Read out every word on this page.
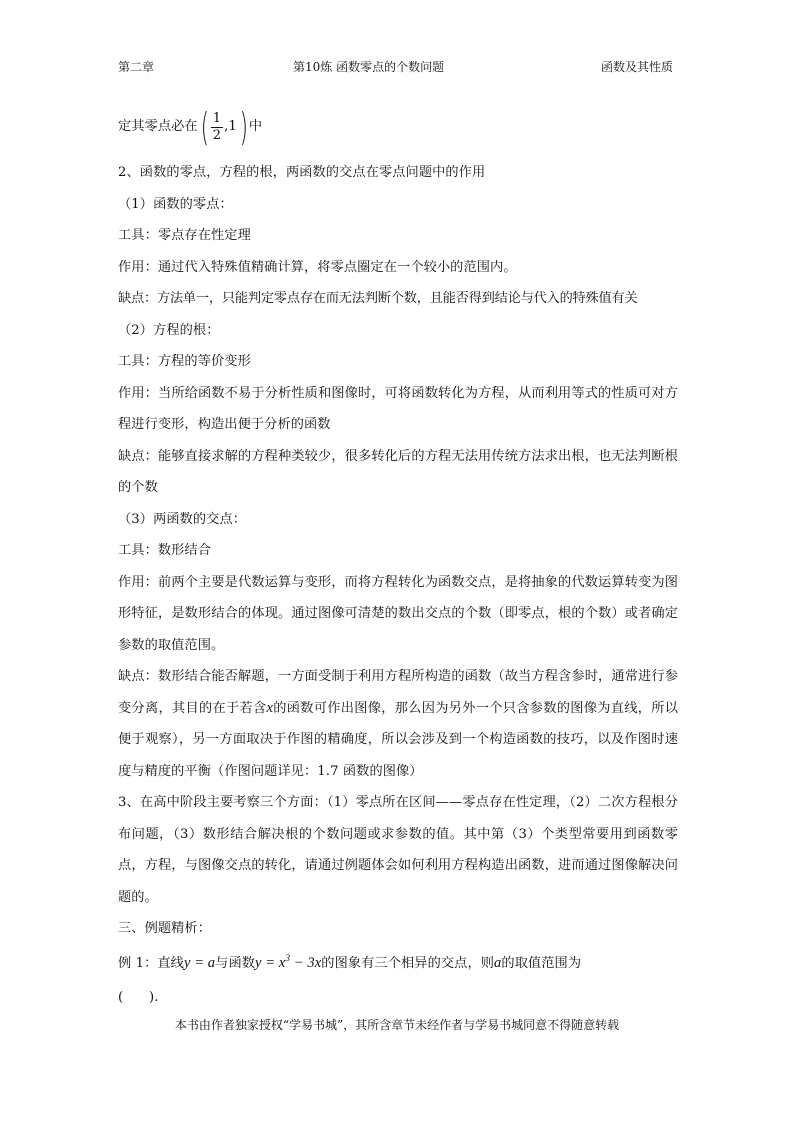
第二章	第10炼 函数零点的个数问题	函数及其性质

定其零点必在 ( $\frac{1}{2} ,1$ ) 中

2、函数的零点，方程的根，两函数的交点在零点问题中的作用

（1）函数的零点：

工具：零点存在性定理

作用：通过代入特殊值精确计算，将零点圈定在一个较小的范围内。

缺点：方法单一，只能判定零点存在而无法判断个数，且能否得到结论与代入的特殊值有关

（2）方程的根：

工具：方程的等价变形

作用：当所给函数不易于分析性质和图像时，可将函数转化为方程，从而利用等式的性质可对方程进行变形，构造出便于分析的函数

缺点：能够直接求解的方程种类较少，很多转化后的方程无法用传统方法求出根，也无法判断根的个数

（3）两函数的交点：

工具：数形结合

作用：前两个主要是代数运算与变形，而将方程转化为函数交点，是将抽象的代数运算转变为图形特征，是数形结合的体现。通过图像可清楚的数出交点的个数（即零点，根的个数）或者确定参数的取值范围。

缺点：数形结合能否解题，一方面受制于利用方程所构造的函数（故当方程含参时，通常进行参变分离，其目的在于若含x的函数可作出图像，那么因为另外一个只含参数的图像为直线，所以便于观察），另一方面取决于作图的精确度，所以会涉及到一个构造函数的技巧，以及作图时速度与精度的平衡（作图问题详见：1.7 函数的图像）

3、在高中阶段主要考察三个方面：（1）零点所在区间——零点存在性定理，（2）二次方程根分布问题，（3）数形结合解决根的个数问题或求参数的值。其中第（3）个类型常要用到函数零点，方程，与图像交点的转化，请通过例题体会如何利用方程构造出函数，进而通过图像解决问题的。

三、例题精析：

例 1：直线y = a与函数$y = x^3 - 3x$的图象有三个相异的交点，则a的取值范围为

(      ).

本书由作者独家授权“学易书城”，其所含章节未经作者与学易书城同意不得随意转载
